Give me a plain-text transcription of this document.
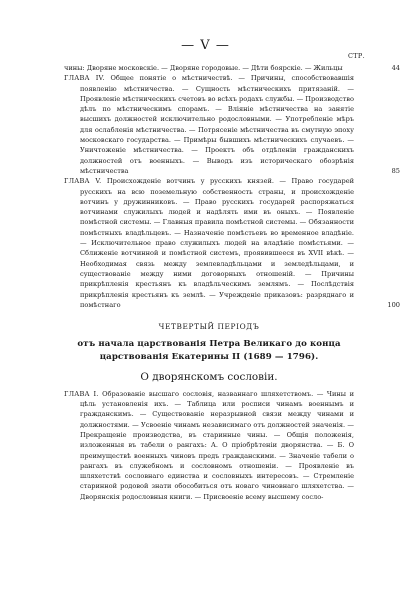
— V —
СТР.
чины: Дворяне московскіе. — Дворяне городовые. — Дѣти боярскіе. — Жильцы	44
ГЛАВА IV. Общее понятіе о мѣстничествѣ. — Причины, способствовавшія появленію мѣстничества. — Сущность мѣстническихъ притязаній. — Проявленіе мѣстническихъ счетовъ во всѣхъ родахъ службы. — Производство дѣлъ по мѣстническимъ спорамъ. — Вліяніе мѣстничества на занятіе высшихъ должностей исключительно родословными. — Употребленіе мѣръ для ослабленія мѣстничества. — Потрясеніе мѣстничества въ смутную эпоху московскаго государства. — Примѣры бывшихъ мѣстническихъ случаевъ. — Уничтоженіе мѣстничества. — Проектъ объ отдѣленіи гражданскихъ должностей отъ военныхъ. — Выводъ изъ историческаго обозрѣнія мѣстничества	85
ГЛАВА V. Происхожденіе вотчинъ у русскихъ князей. — Право государей русскихъ на всю поземельную собственность страны, и происхожденіе вотчинъ у дружинниковъ. — Право русскихъ государей распоряжаться вотчинами служилыхъ людей и надѣлять ими въ оныхъ. — Появленіе помѣстной системы. — Главныя правила помѣстной системы. — Обязанности помѣстныхъ владѣльцевъ. — Назначеніе помѣстьевъ во временное владѣніе. — Исключительное право служилыхъ людей на владѣніе помѣстьями. — Сближеніе вотчинной и помѣстной системъ, проявившееся въ XVII вѣкѣ. — Необходимая связь между землевладѣльцами и земледѣльцами, и существованіе между ними договорныхъ отношеній. — Причины прикрѣпленія крестьянъ къ владѣльческимъ землямъ. — Послѣдствія прикрѣпленія крестьянъ къ землѣ. — Учрежденіе приказовъ: разряднаго и помѣстнаго	100
ЧЕТВЕРТЫЙ ПЕРІОДЪ
отъ начала царствованія Петра Великаго до конца царствованія Екатерины II (1689 — 1796).
О дворянскомъ сословіи.
ГЛАВА I. Образованіе высшаго сословія, названнаго шляхетствомъ. — Чины и цѣль установленія ихъ. — Таблица или росписи чинамъ военнымъ и гражданскимъ. — Существованіе неразрывной связи между чинами и должностями. — Усвоеніе чинамъ независимаго отъ должностей значенія. — Прекращеніе производства, въ старинные чины. — Общія положенія, изложенныя въ табели о рангахъ: А. О пріобрѣтеніи дворянства. — Б. О преимуществѣ военныхъ чиновъ предъ гражданскими. — Значеніе табели о рангахъ въ служебномъ и сословномъ отношеніи. — Проявленіе въ шляхетствѣ сословнаго единства и сословныхъ интересовъ. — Стремленіе старинной родовой знати обособиться отъ новаго чиновнаго шляхетства. — Дворянскія родословныя книги. — Присвоеніе всему высшему сосло-
